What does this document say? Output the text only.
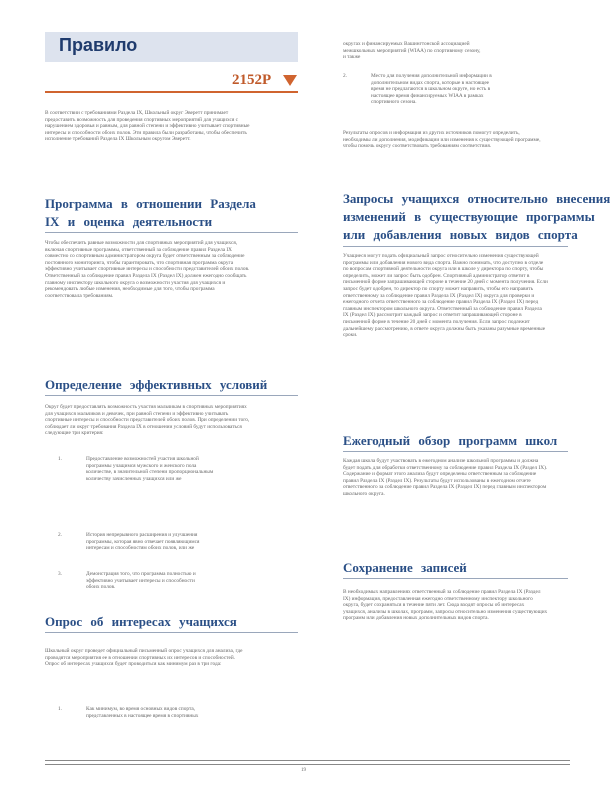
Правило
2152P
В соответствии с требованиями Раздела IX, Школьный округ Эверетт принимает предоставить возможность для проведения спортивных мероприятий для учащихся с нарушением здоровья и равным, для равной степени и эффективно учитывает спортивные интересы и способности обоих полов. Эти правила были разработаны, чтобы обеспечить исполнение требований Раздела IX Школьным округом Эверетт.
Программа в отношении Раздела
IX и оценка деятельности
Чтобы обеспечить равные возможности для спортивных мероприятий для учащихся, включая спортивные программы, ответственный за соблюдение правил Раздела IX совместно со спортивным администратором округа будет ответственным за соблюдение постоянного мониторинга, чтобы гарантировать, что спортивная программа округа эффективно учитывает спортивные интересы и способности представителей обоих полов. Ответственный за соблюдение правил Раздела IX (Раздел IX) должен ежегодно сообщать главному инспектору школьного округа о возможности участия для учащихся и рекомендовать любые изменения, необходимые для того, чтобы программа соответствовала требованиям.
Определение эффективных условий
Округ будет предоставлять возможность участия мальчикам в спортивных мероприятиях для учащихся мальчиков и девочек, при равной степени и эффективно учитывать спортивные интересы и способности представителей обоих полов. При определении того, соблюдает ли округ требования Раздела IX в отношении условий будут использоваться следующие три критерия:
1.	Предоставление возможностей участия школьной программы учащимся мужского и женского пола количестве, в значительной степени пропорциональным количеству зачисленных учащихся или же
2.	История непрерывного расширения и улучшения программы, которая явно отвечает появляющимся интересам и способностям обоих полов, или же
3.	Демонстрация того, что программа полностью и эффективно учитывает интересы и способности обоих полов.
Опрос об интересах учащихся
Школьный округ проведет официальный письменный опрос учащихся для анализа, где проводятся мероприятия ее в отношении спортивных их интересов и способностей. Опрос об интересах учащихся будет проводиться как минимум раз в три года:
1.	Как минимум, во время основных видов спорта, представленных в настоящее время в спортивных
округах и финансируемых Вашингтонской ассоциацией межшкольных мероприятий (WIAA) по спортивному сезону, и также
2.	Место для получения дополнительной информации в дополнительном видах спорта, которые в настоящее время не предлагаются в школьном округе, но есть в настоящее время финансируемых WIAA в рамках спортивного сезона.
Результаты опросов и информация из других источников помогут определить, необходимы ли дополнения, модификации или изменения к существующей программе, чтобы помочь округу соответствовать требованиям соответствия.
Запросы учащихся относительно внесения
изменений в существующие программы
или добавления новых видов спорта
Учащиеся могут подать официальный запрос относительно изменения существующей программы или добавления нового вида спорта. Важно понимать, что доступно в отделе по вопросам спортивной деятельности округа или в школе у директора по спорту, чтобы определить, может ли запрос быть одобрен. Спортивный администратор ответит в письменной форме запрашивающей стороне в течение 20 дней с момента получения. Если запрос будет одобрен, то директор по спорту может направить, чтобы его направить ответственному за соблюдение правил Раздела IX (Раздел IX) округа для проверки и ежегодного отчета ответственного за соблюдение правил Раздела IX (Раздел IX) перед главным инспектором школьного округа. Ответственный за соблюдение правил Раздела IX (Раздел IX) рассмотрит каждый запрос и ответит запрашивающей стороне в письменной форме в течение 20 дней с момента получения. Если запрос подлежит дальнейшему рассмотрению, в ответе округа должны быть указаны разумные временные сроки.
Ежегодный обзор программ школ
Каждая школа будут участвовать в ежегодном анализе школьной программы и должна будет подать для обработки ответственному за соблюдение правил Раздела IX (Раздел IX). Содержание и формат этого анализа будут определены ответственным за соблюдение правил Раздела IX (Раздел IX). Результаты будут использованы в ежегодном отчете ответственного за соблюдение правил Раздела IX (Раздел IX) перед главным инспектором школьного округа.
Сохранение записей
В необходимых направлениях ответственный за соблюдение правил Раздела IX (Раздел IX) информация, предоставленная ежегодно ответственному инспектору школьного округа, будет сохраняться в течение пяти лет. Сюда входят опросы об интересах учащихся, анализы в школах, программ, запросы относительно изменения существующих программ или добавления новых дополнительных видов спорта.
19
